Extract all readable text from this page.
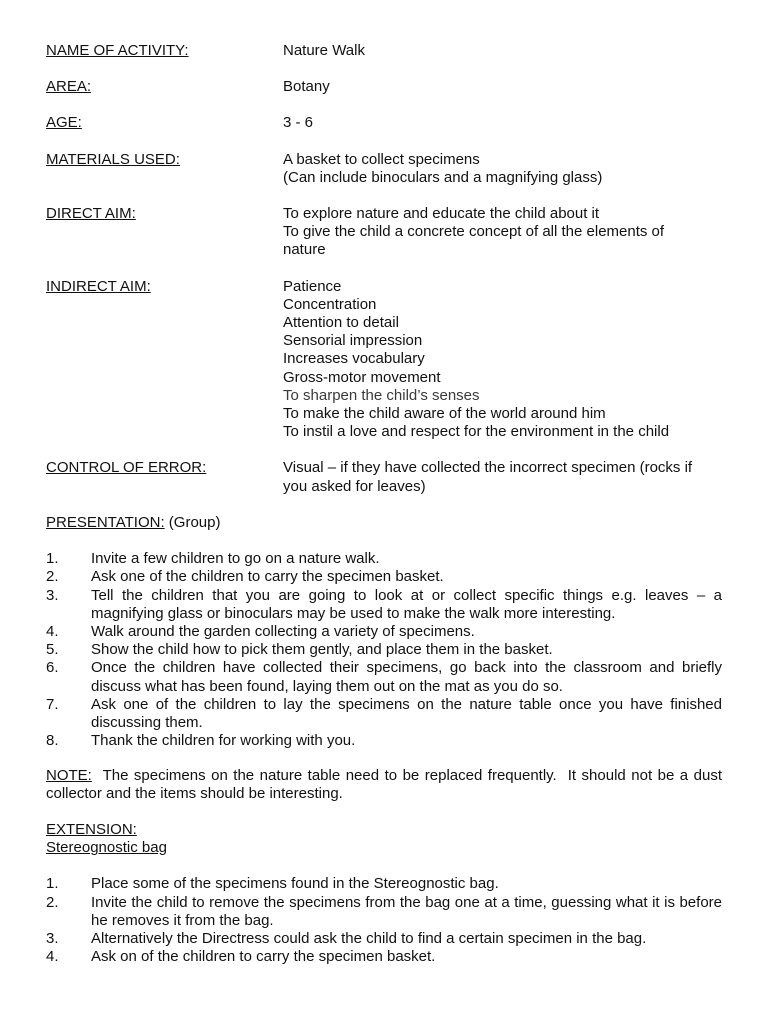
NAME OF ACTIVITY:	Nature Walk
AREA:	Botany
AGE:	3 - 6
MATERIALS USED:	A basket to collect specimens
(Can include binoculars and a magnifying glass)
DIRECT AIM:	To explore nature and educate the child about it
To give the child a concrete concept of all the elements of
nature
INDIRECT AIM:	Patience
Concentration
Attention to detail
Sensorial impression
Increases vocabulary
Gross-motor movement
To sharpen the child’s senses
To make the child aware of the world around him
To instil a love and respect for the environment in the child
CONTROL OF ERROR:	Visual – if they have collected the incorrect specimen (rocks if
you asked for leaves)
PRESENTATION: (Group)
1. Invite a few children to go on a nature walk.
2. Ask one of the children to carry the specimen basket.
3. Tell the children that you are going to look at or collect specific things e.g. leaves – a magnifying glass or binoculars may be used to make the walk more interesting.
4. Walk around the garden collecting a variety of specimens.
5. Show the child how to pick them gently, and place them in the basket.
6. Once the children have collected their specimens, go back into the classroom and briefly discuss what has been found, laying them out on the mat as you do so.
7. Ask one of the children to lay the specimens on the nature table once you have finished discussing them.
8. Thank the children for working with you.
NOTE:  The specimens on the nature table need to be replaced frequently.  It should not be a dust collector and the items should be interesting.
EXTENSION:
Stereognostic bag
1. Place some of the specimens found in the Stereognostic bag.
2. Invite the child to remove the specimens from the bag one at a time, guessing what it is before he removes it from the bag.
3. Alternatively the Directress could ask the child to find a certain specimen in the bag.
4. Ask on of the children to carry the specimen basket.
